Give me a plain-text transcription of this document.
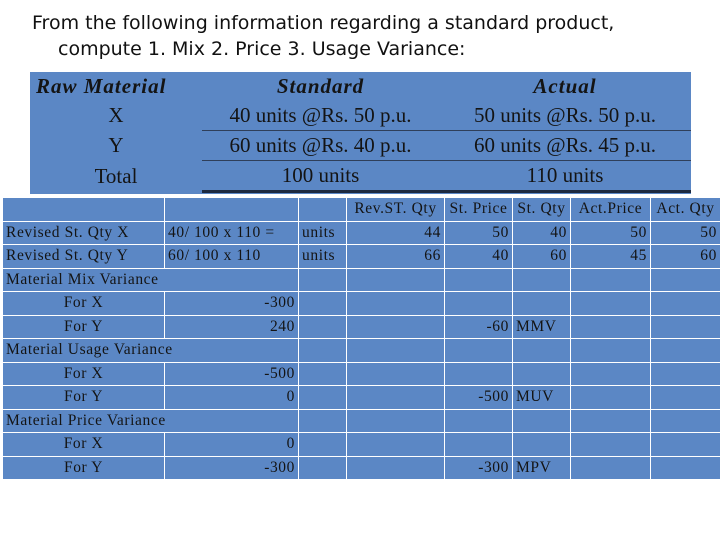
From the following information regarding a standard product,
compute 1. Mix 2. Price 3. Usage Variance:
Raw Material	Standard	Actual
X	40 units @Rs. 50 p.u.	50 units @Rs. 50 p.u.
Y	60 units @Rs. 40 p.u.	60 units @Rs. 45 p.u.
Total	100 units	110 units
			Rev.ST. Qty	St. Price	St. Qty	Act.Price	Act. Qty
Revised St. Qty X	40/ 100 x 110 =	units	44	50	40	50	50
Revised St. Qty Y	60/ 100 x 110	units	66	40	60	45	60
Material Mix Variance							
For X	-300						
For Y	240			-60	MMV		
Material Usage Variance							
For X	-500						
For Y	0			-500	MUV		
Material Price Variance							
For X	0						
For Y	-300			-300	MPV		
